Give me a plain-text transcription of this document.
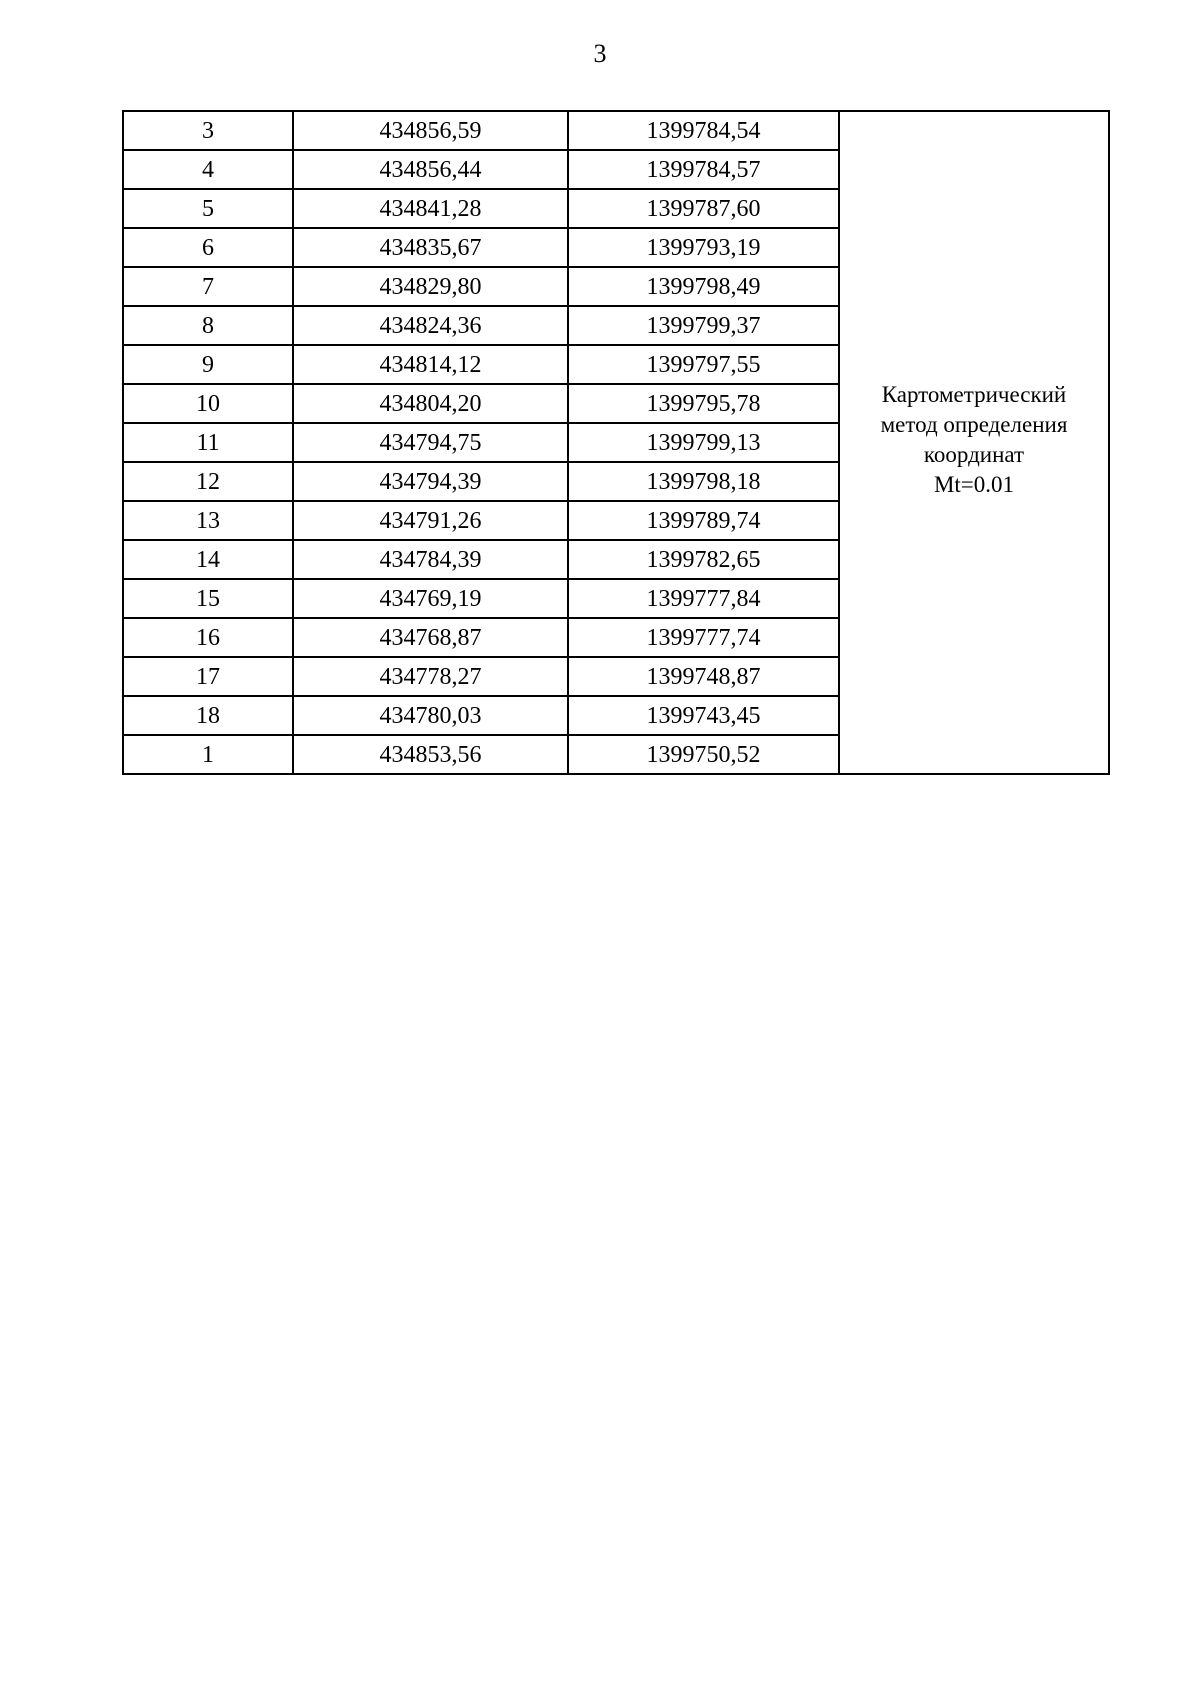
3
3	434856,59	1399784,54	Картометрический
метод определения
координат
Mt=0.01

4	434856,44	1399784,57	
5	434841,28	1399787,60	
6	434835,67	1399793,19	
7	434829,80	1399798,49	
8	434824,36	1399799,37	
9	434814,12	1399797,55	
10	434804,20	1399795,78	
11	434794,75	1399799,13	
12	434794,39	1399798,18	
13	434791,26	1399789,74	
14	434784,39	1399782,65	
15	434769,19	1399777,84	
16	434768,87	1399777,74	
17	434778,27	1399748,87	
18	434780,03	1399743,45	
1	434853,56	1399750,52	
